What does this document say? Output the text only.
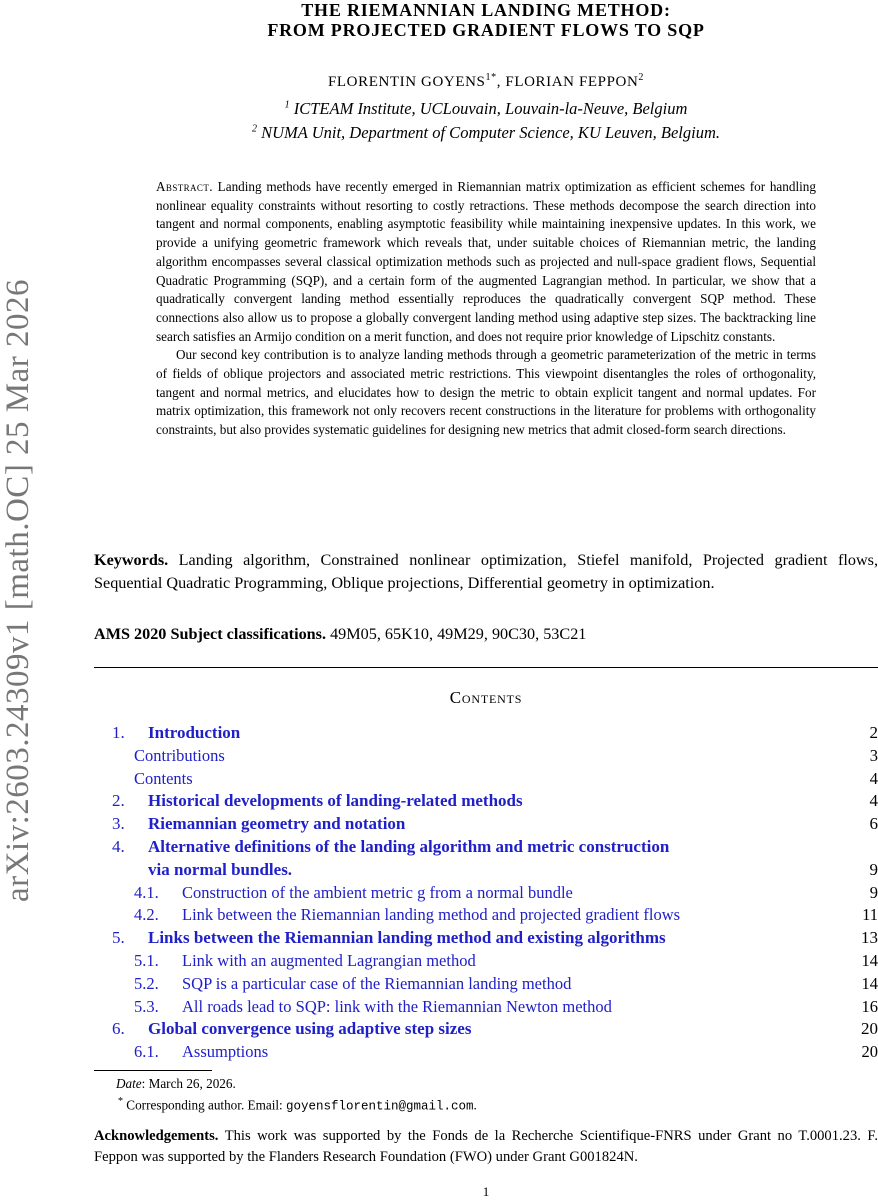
arXiv:2603.24309v1 [math.OC] 25 Mar 2026
THE RIEMANNIAN LANDING METHOD:
FROM PROJECTED GRADIENT FLOWS TO SQP
FLORENTIN $GOYENS^{1*}$, FLORIAN FEPPON$^2$
$^1$ ICTEAM Institute, UCLouvain, Louvain-la-Neuve, Belgium
$^2$ NUMA Unit, Department of Computer Science, KU Leuven, Belgium.

Abstract. Landing methods have recently emerged in Riemannian matrix optimization as efficient schemes for handling nonlinear equality constraints without resorting to costly retractions. These methods decompose the search direction into tangent and normal components, enabling asymptotic feasibility while maintaining inexpensive updates. In this work, we provide a unifying geometric framework which reveals that, under suitable choices of Riemannian metric, the landing algorithm encompasses several classical optimization methods such as projected and null-space gradient flows, Sequential Quadratic Programming (SQP), and a certain form of the augmented Lagrangian method. In particular, we show that a quadratically convergent landing method essentially reproduces the quadratically convergent SQP method. These connections also allow us to propose a globally convergent landing method using adaptive step sizes. The backtracking line search satisfies an Armijo condition on a merit function, and does not require prior knowledge of Lipschitz constants.

Our second key contribution is to analyze landing methods through a geometric parameterization of the metric in terms of fields of oblique projectors and associated metric restrictions. This viewpoint disentangles the roles of orthogonality, tangent and normal metrics, and elucidates how to design the metric to obtain explicit tangent and normal updates. For matrix optimization, this framework not only recovers recent constructions in the literature for problems with orthogonality constraints, but also provides systematic guidelines for designing new metrics that admit closed-form search directions.

Keywords. Landing algorithm, Constrained nonlinear optimization, Stiefel manifold, Projected gradient flows, Sequential Quadratic Programming, Oblique projections, Differential geometry in optimization.
AMS 2020 Subject classifications. 49M05, 65K10, 49M29, 90C30, 53C21
Contents
1. Introduction	2
Contributions	3
Contents	4
2. Historical developments of landing-related methods	4
3. Riemannian geometry and notation	6
4. Alternative definitions of the landing algorithm and metric construction
via normal bundles.	9
4.1. Construction of the ambient metric g from a normal bundle	9
4.2. Link between the Riemannian landing method and projected gradient flows	11
5. Links between the Riemannian landing method and existing algorithms	13
5.1. Link with an augmented Lagrangian method	14
5.2. SQP is a particular case of the Riemannian landing method	14
5.3. All roads lead to SQP: link with the Riemannian Newton method	16
6. Global convergence using adaptive step sizes	20
6.1. Assumptions	20
Date: March 26, 2026.
* Corresponding author. Email: goyensflorentin@gmail.com.
Acknowledgements. This work was supported by the Fonds de la Recherche Scientifique-FNRS under Grant no T.0001.23. F. Feppon was supported by the Flanders Research Foundation (FWO) under Grant G001824N.
1
